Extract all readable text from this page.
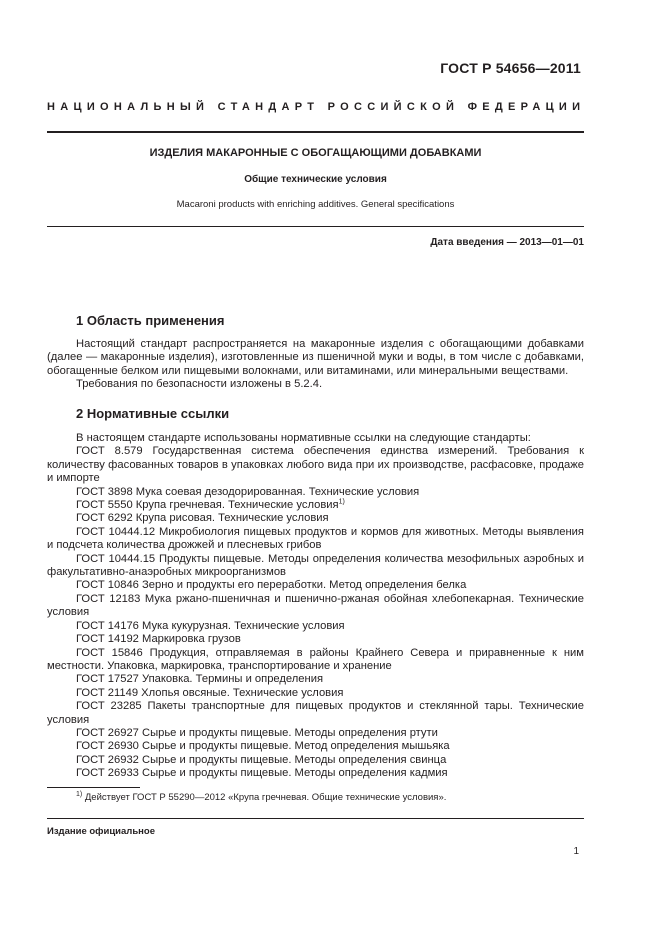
ГОСТ Р 54656—2011
НАЦИОНАЛЬНЫЙ СТАНДАРТ РОССИЙСКОЙ ФЕДЕРАЦИИ
ИЗДЕЛИЯ МАКАРОННЫЕ С ОБОГАЩАЮЩИМИ ДОБАВКАМИ
Общие технические условия
Macaroni products with enriching additives. General specifications
Дата введения — 2013—01—01
1 Область применения

Настоящий стандарт распространяется на макаронные изделия с обогащающими добавками (далее — макаронные изделия), изготовленные из пшеничной муки и воды, в том числе с добавками, обогащенные белком или пищевыми волокнами, или витаминами, или минеральными веществами.

Требования по безопасности изложены в 5.2.4.

2 Нормативные ссылки

В настоящем стандарте использованы нормативные ссылки на следующие стандарты:

ГОСТ 8.579 Государственная система обеспечения единства измерений. Требования к количеству фасованных товаров в упаковках любого вида при их производстве, расфасовке, продаже и импорте

ГОСТ 3898 Мука соевая дезодорированная. Технические условия

ГОСТ 5550 Крупа гречневая. Технические условия$^{1)}$

ГОСТ 6292 Крупа рисовая. Технические условия

ГОСТ 10444.12 Микробиология пищевых продуктов и кормов для животных. Методы выявления и подсчета количества дрожжей и плесневых грибов

ГОСТ 10444.15 Продукты пищевые. Методы определения количества мезофильных аэробных и факультативно-анаэробных микроорганизмов

ГОСТ 10846 Зерно и продукты его переработки. Метод определения белка

ГОСТ 12183 Мука ржано-пшеничная и пшенично-ржаная обойная хлебопекарная. Технические условия

ГОСТ 14176 Мука кукурузная. Технические условия

ГОСТ 14192 Маркировка грузов

ГОСТ 15846 Продукция, отправляемая в районы Крайнего Севера и приравненные к ним местности. Упаковка, маркировка, транспортирование и хранение

ГОСТ 17527 Упаковка. Термины и определения

ГОСТ 21149 Хлопья овсяные. Технические условия

ГОСТ 23285 Пакеты транспортные для пищевых продуктов и стеклянной тары. Технические условия

ГОСТ 26927 Сырье и продукты пищевые. Методы определения ртути

ГОСТ 26930 Сырье и продукты пищевые. Метод определения мышьяка

ГОСТ 26932 Сырье и продукты пищевые. Методы определения свинца

ГОСТ 26933 Сырье и продукты пищевые. Методы определения кадмия

$^{1)}$ Действует ГОСТ Р 55290—2012 «Крупа гречневая. Общие технические условия».
Издание официальное
1
